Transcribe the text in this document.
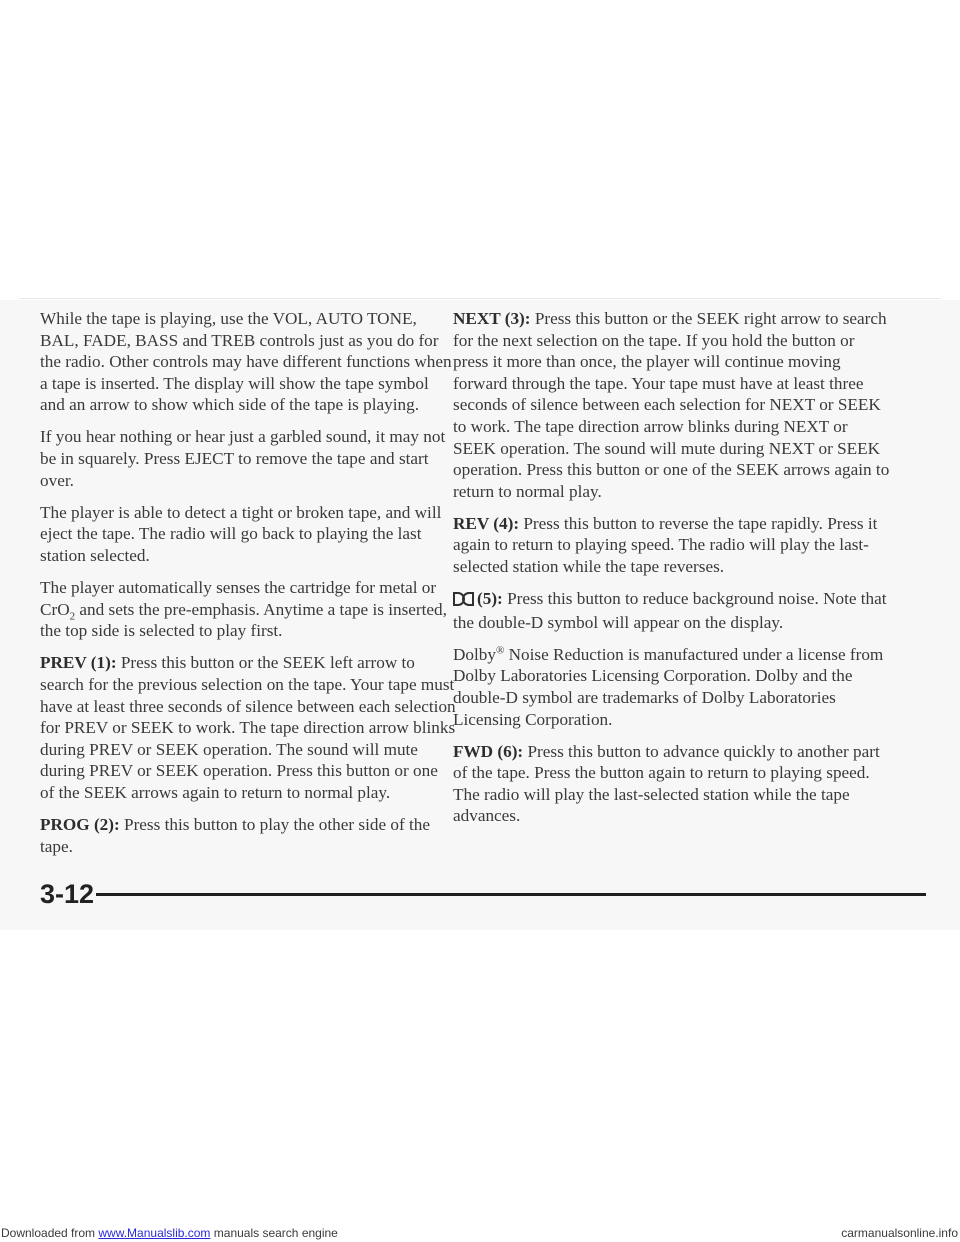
While the tape is playing, use the VOL, AUTO TONE, BAL, FADE, BASS and TREB controls just as you do for the radio. Other controls may have different functions when a tape is inserted. The display will show the tape symbol and an arrow to show which side of the tape is playing.

If you hear nothing or hear just a garbled sound, it may not be in squarely. Press EJECT to remove the tape and start over.

The player is able to detect a tight or broken tape, and will eject the tape. The radio will go back to playing the last station selected.

The player automatically senses the cartridge for metal or CrO$_2$ and sets the pre-emphasis. Anytime a tape is inserted, the top side is selected to play first.

PREV (1): Press this button or the SEEK left arrow to search for the previous selection on the tape. Your tape must have at least three seconds of silence between each selection for PREV or SEEK to work. The tape direction arrow blinks during PREV or SEEK operation. The sound will mute during PREV or SEEK operation. Press this button or one of the SEEK arrows again to return to normal play.

PROG (2): Press this button to play the other side of the tape.

NEXT (3): Press this button or the SEEK right arrow to search for the next selection on the tape. If you hold the button or press it more than once, the player will continue moving forward through the tape. Your tape must have at least three seconds of silence between each selection for NEXT or SEEK to work. The tape direction arrow blinks during NEXT or SEEK operation. The sound will mute during NEXT or SEEK operation. Press this button or one of the SEEK arrows again to return to normal play.

REV (4): Press this button to reverse the tape rapidly. Press it again to return to playing speed. The radio will play the last-selected station while the tape reverses.

(5): Press this button to reduce background noise. Note that the double-D symbol will appear on the display.

Dolby® Noise Reduction is manufactured under a license from Dolby Laboratories Licensing Corporation. Dolby and the double-D symbol are trademarks of Dolby Laboratories Licensing Corporation.

FWD (6): Press this button to advance quickly to another part of the tape. Press the button again to return to playing speed. The radio will play the last-selected station while the tape advances.

3-12
Downloaded from www.Manualslib.com manuals search engine	carmanualsonline.info
